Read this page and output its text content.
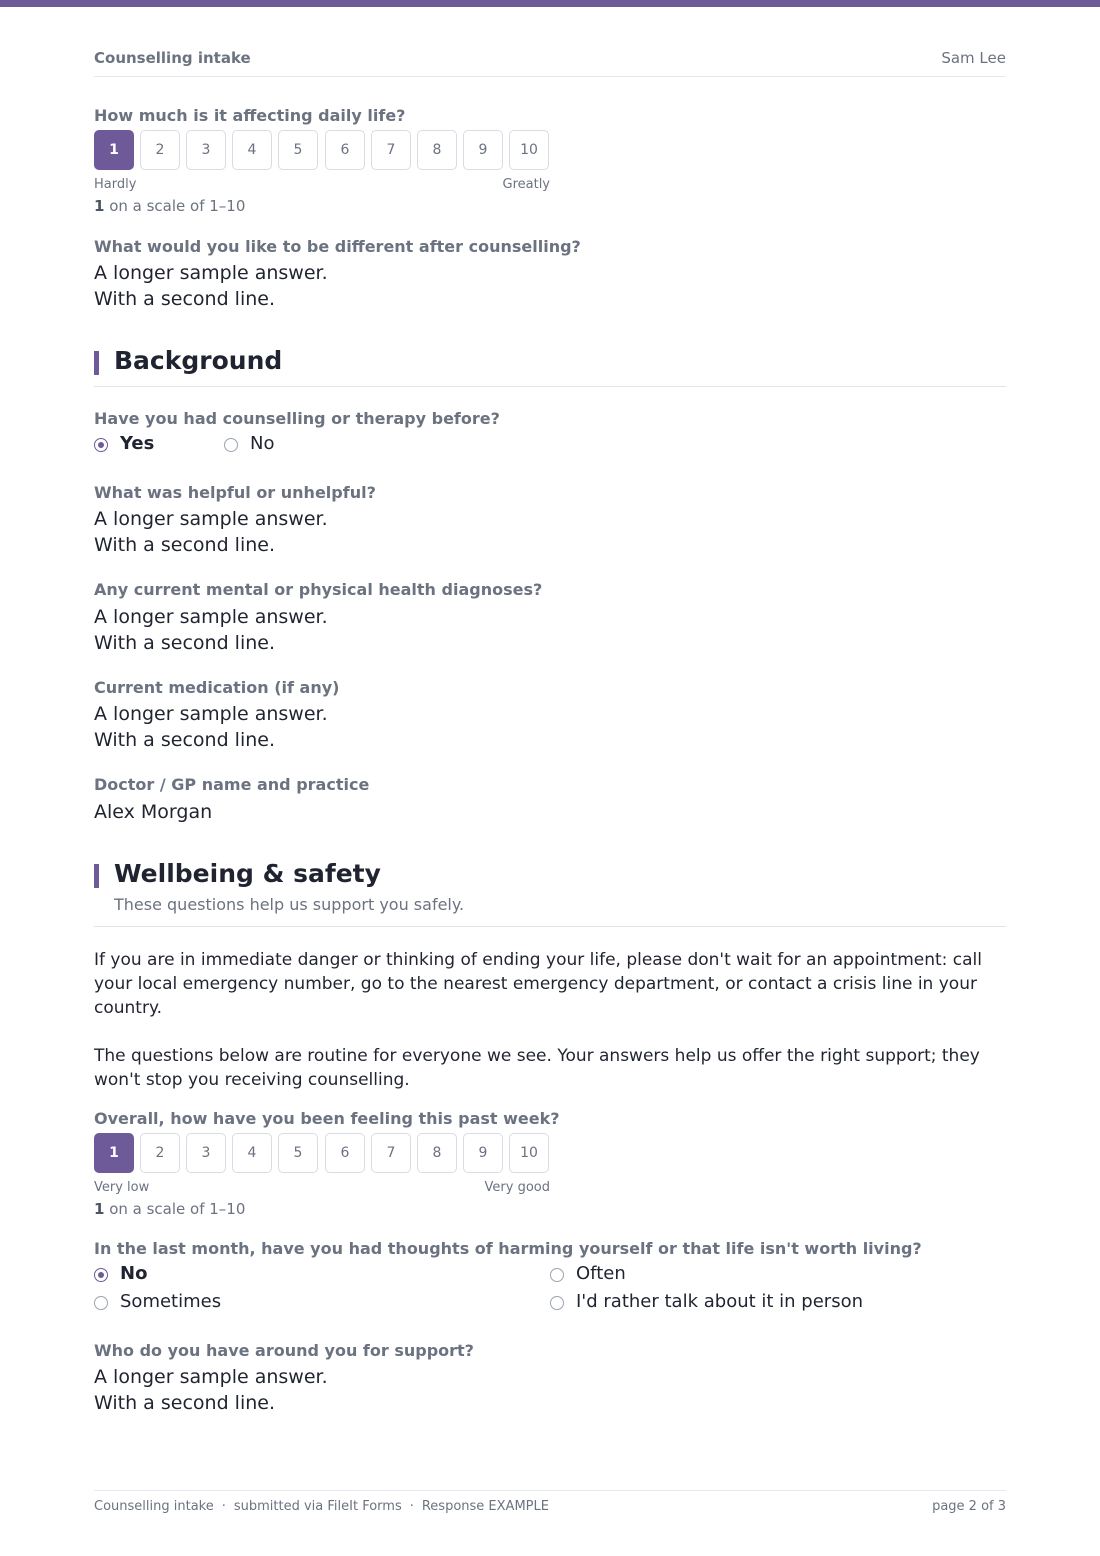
Counselling intake	Sam Lee
How much is it affecting daily life?
1	2	3	4	5	6	7	8	9	10
Hardly	Greatly
1 on a scale of 1–10
What would you like to be different after counselling?
A longer sample answer.
With a second line.
Background
Have you had counselling or therapy before?
Yes	No
What was helpful or unhelpful?
A longer sample answer.
With a second line.
Any current mental or physical health diagnoses?
A longer sample answer.
With a second line.
Current medication (if any)
A longer sample answer.
With a second line.
Doctor / GP name and practice
Alex Morgan
Wellbeing & safety
These questions help us support you safely.
If you are in immediate danger or thinking of ending your life, please don't wait for an appointment: call your local emergency number, go to the nearest emergency department, or contact a crisis line in your country.
The questions below are routine for everyone we see. Your answers help us offer the right support; they won't stop you receiving counselling.
Overall, how have you been feeling this past week?
1	2	3	4	5	6	7	8	9	10
Very low	Very good
1 on a scale of 1–10
In the last month, have you had thoughts of harming yourself or that life isn't worth living?
No	Often
Sometimes	I'd rather talk about it in person
Who do you have around you for support?
A longer sample answer.
With a second line.
Counselling intake · submitted via FileIt Forms · Response EXAMPLE	page 2 of 3
